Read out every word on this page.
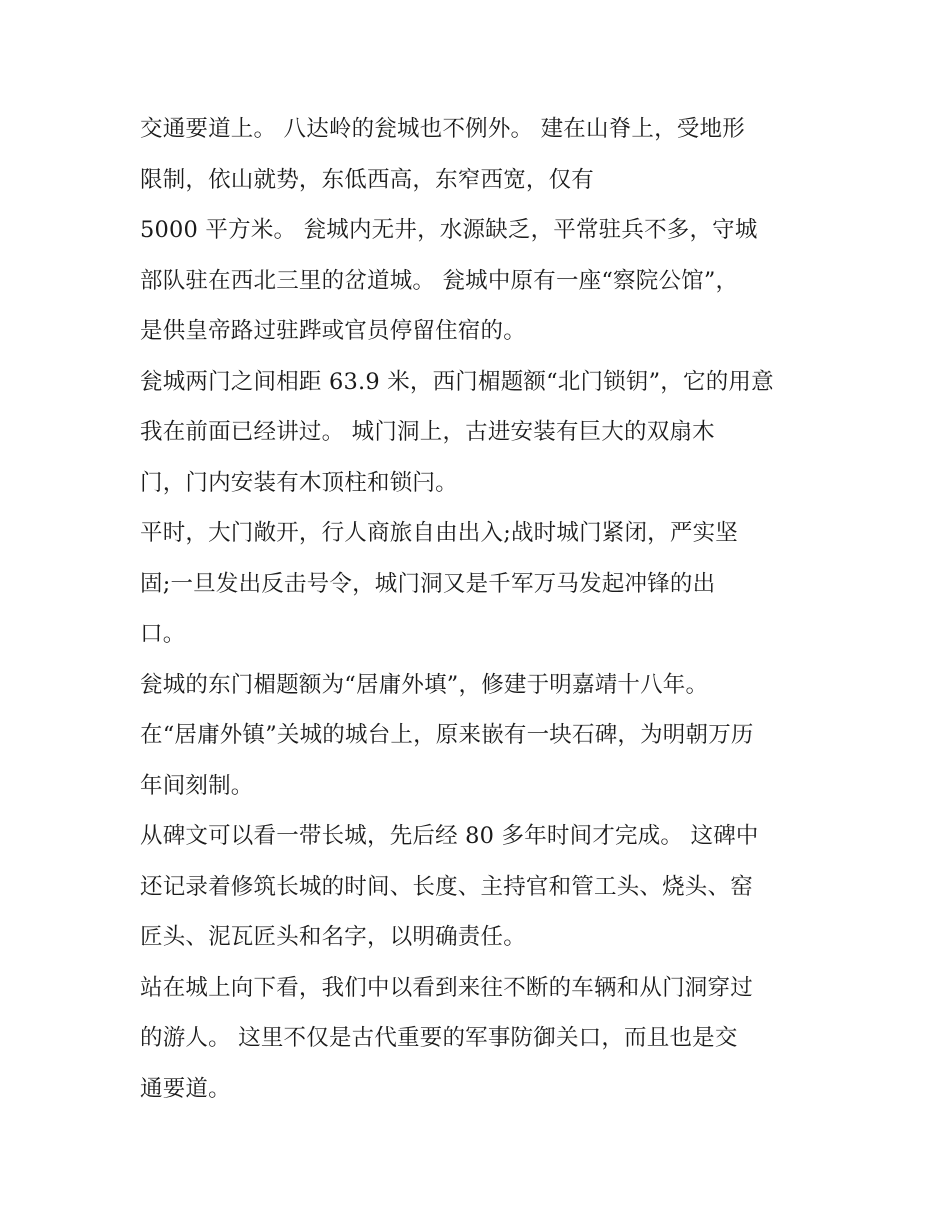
交通要道上。 八达岭的瓮城也不例外。 建在山脊上，受地形
限制，依山就势，东低西高，东窄西宽，仅有
5000 平方米。 瓮城内无井，水源缺乏，平常驻兵不多，守城
部队驻在西北三里的岔道城。 瓮城中原有一座“察院公馆”，
是供皇帝路过驻跸或官员停留住宿的。
瓮城两门之间相距 63.9 米，西门楣题额“北门锁钥”，它的用意
我在前面已经讲过。 城门洞上，古进安装有巨大的双扇木
门，门内安装有木顶柱和锁闩。
平时，大门敞开，行人商旅自由出入;战时城门紧闭，严实坚
固;一旦发出反击号令，城门洞又是千军万马发起冲锋的出
口。
瓮城的东门楣题额为“居庸外填”，修建于明嘉靖十八年。
在“居庸外镇”关城的城台上，原来嵌有一块石碑，为明朝万历
年间刻制。
从碑文可以看一带长城，先后经 80 多年时间才完成。 这碑中
还记录着修筑长城的时间、长度、主持官和管工头、烧头、窑
匠头、泥瓦匠头和名字，以明确责任。
站在城上向下看，我们中以看到来往不断的车辆和从门洞穿过
的游人。 这里不仅是古代重要的军事防御关口，而且也是交
通要道。
